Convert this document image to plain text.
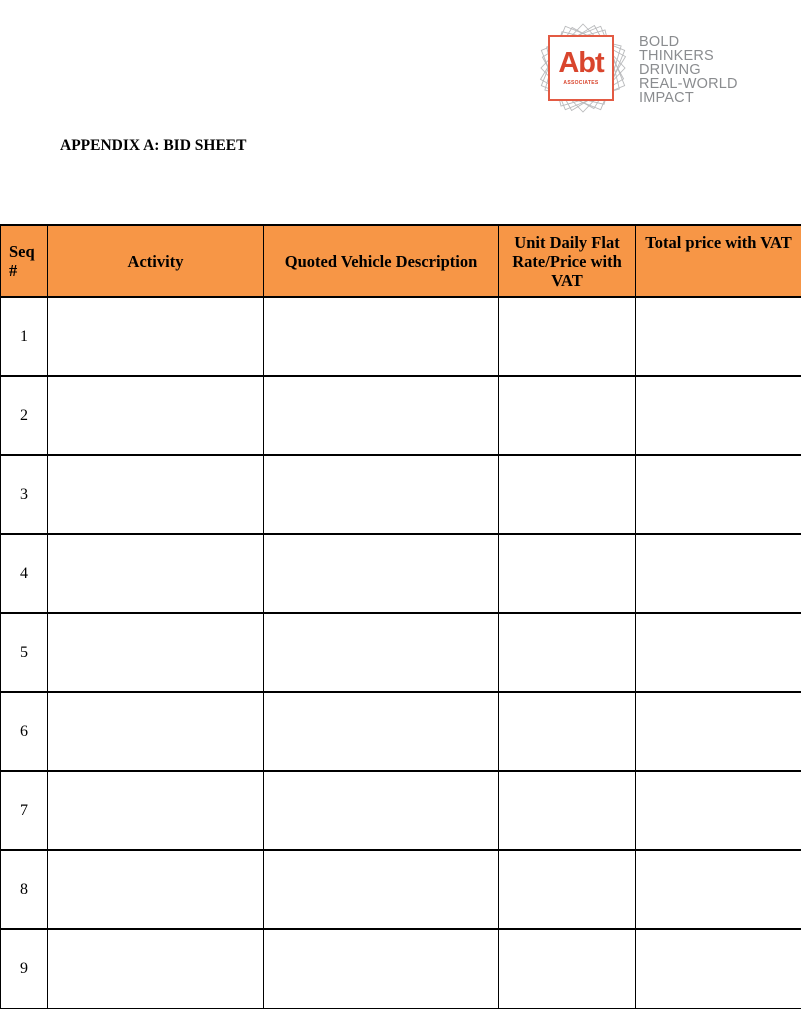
Abt
ASSOCIATES
BOLD
THINKERS
DRIVING
REAL-WORLD
IMPACT
APPENDIX A: BID SHEET
Seq #	Activity	Quoted Vehicle Description	Unit Daily Flat Rate/Price with VAT	Total price with VAT
1				
2				
3				
4				
5				
6				
7				
8				
9				
